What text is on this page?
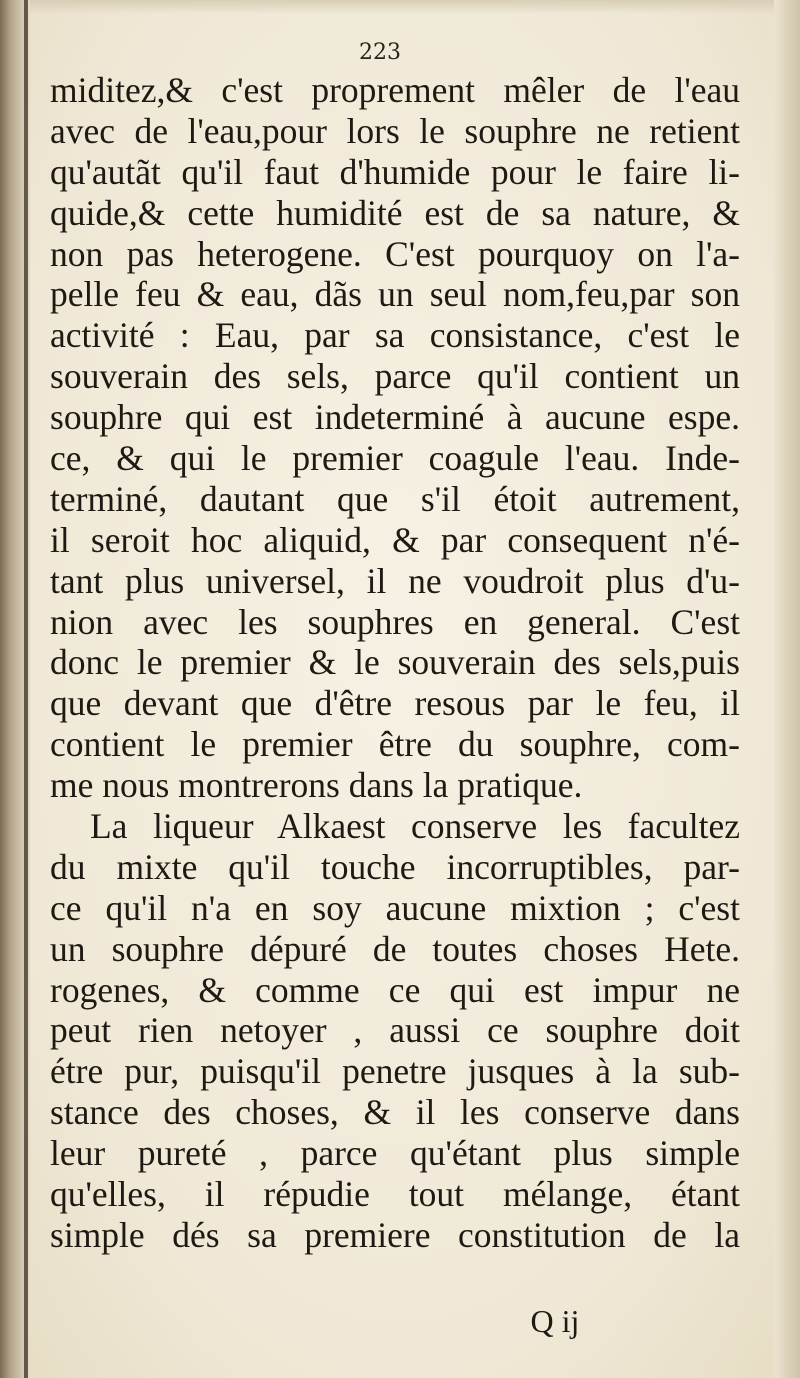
223
miditez,& c'est proprement mêler de l'eau
avec de l'eau,pour lors le souphre ne retient
qu'autãt qu'il faut d'humide pour le faire li-
quide,& cette humidité est de sa nature, &
non pas heterogene. C'est pourquoy on l'a-
pelle feu & eau, dãs un seul nom,feu,par son
activité : Eau, par sa consistance, c'est le
souverain des sels, parce qu'il contient un
souphre qui est indeterminé à aucune espe.
ce, & qui le premier coagule l'eau. Inde-
terminé, dautant que s'il étoit autrement,
il seroit hoc aliquid, & par consequent n'é-
tant plus universel, il ne voudroit plus d'u-
nion avec les souphres en general. C'est
donc le premier & le souverain des sels,puis
que devant que d'être resous par le feu, il
contient le premier être du souphre, com-
me nous montrerons dans la pratique.
La liqueur Alkaest conserve les facultez
du mixte qu'il touche incorruptibles, par-
ce qu'il n'a en soy aucune mixtion ; c'est
un souphre dépuré de toutes choses Hete.
rogenes, & comme ce qui est impur ne
peut rien netoyer , aussi ce souphre doit
étre pur, puisqu'il penetre jusques à la sub-
stance des choses, & il les conserve dans
leur pureté , parce qu'étant plus simple
qu'elles, il répudie tout mélange, étant
simple dés sa premiere constitution de la
Q ij
